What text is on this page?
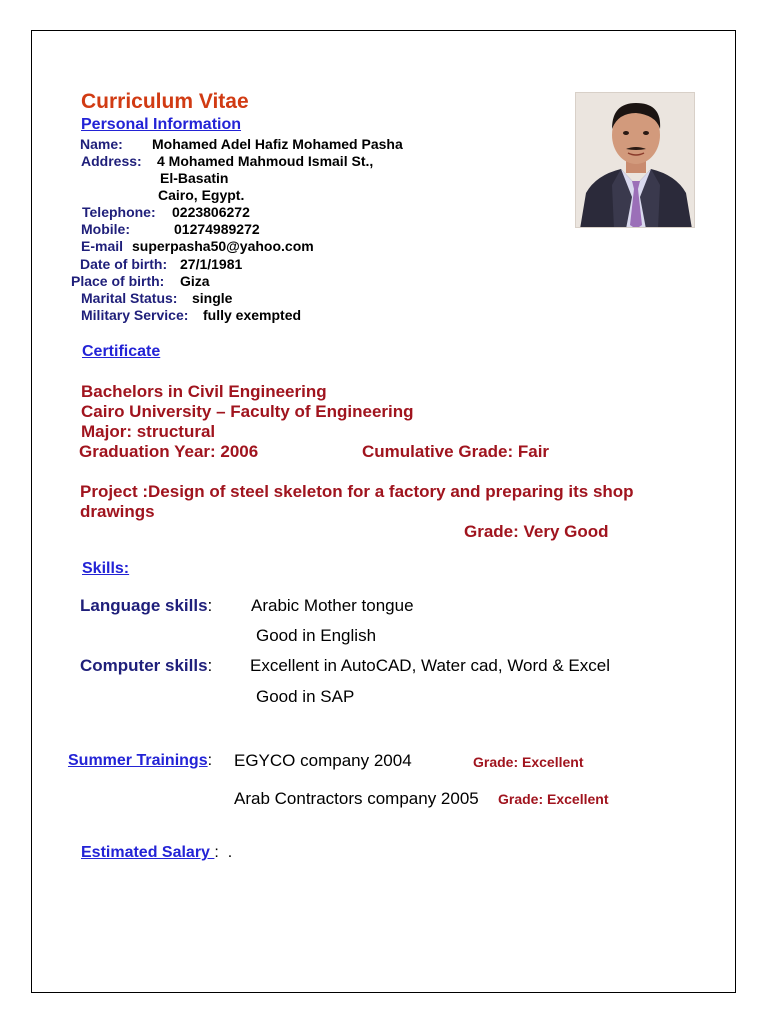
Curriculum Vitae
Personal Information
Name: Mohamed Adel Hafiz Mohamed Pasha
Address: 4 Mohamed Mahmoud Ismail St.,
El-Basatin
Cairo, Egypt.
Telephone: 0223806272
Mobile:	01274989272
E-mail superpasha50@yahoo.com
Date of birth: 27/1/1981
Place of birth: Giza
Marital Status: single
Military Service: fully exempted
Certificate
Bachelors in Civil Engineering
Cairo University – Faculty of Engineering
Major: structural
Graduation Year: 2006	Cumulative Grade: Fair
Project :Design of steel skeleton for a factory and preparing its shop
drawings
Grade: Very Good
Skills:
Language skills: Arabic Mother tongue
Good in English
Computer skills: Excellent in AutoCAD, Water cad, Word & Excel
Good in SAP
Summer Trainings: EGYCO company 2004	Grade: Excellent
Arab Contractors company 2005 Grade: Excellent
Estimated Salary :  .
